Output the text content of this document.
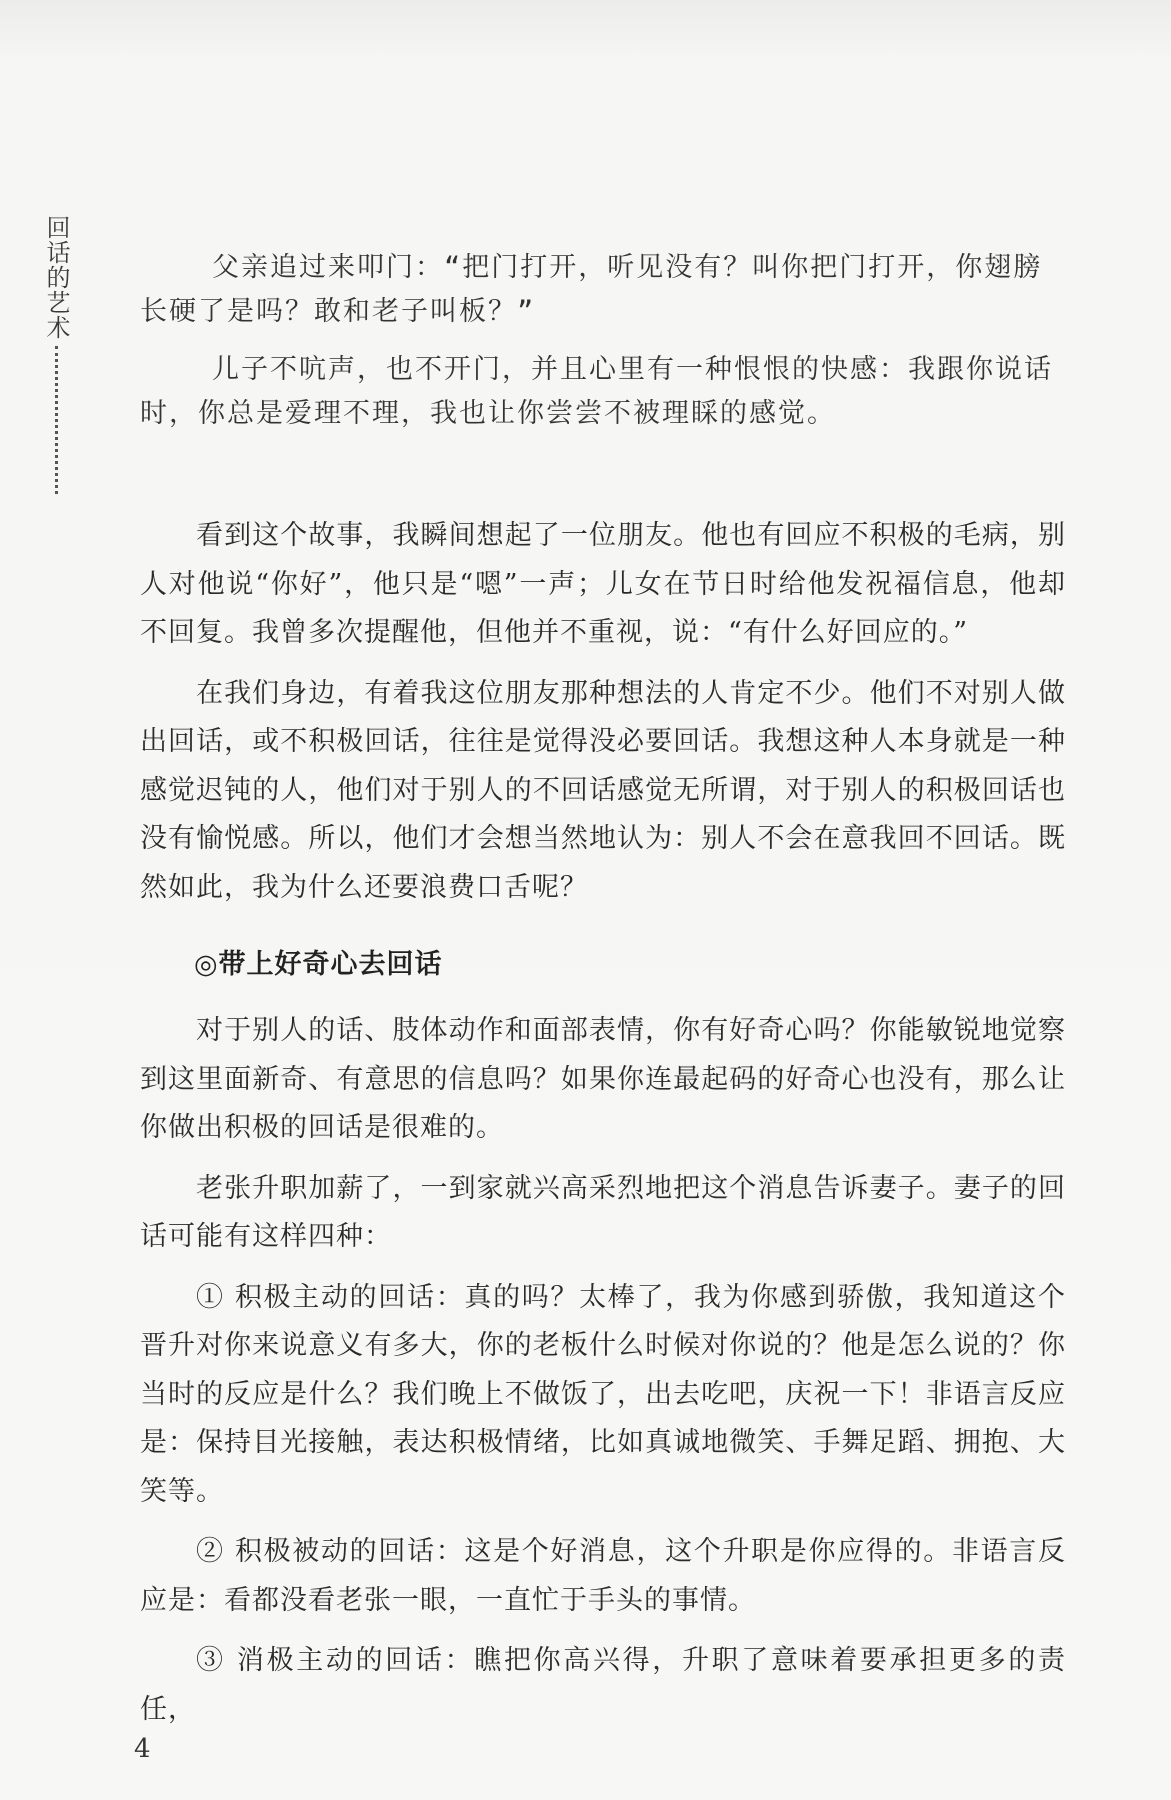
回话的艺术	父亲追过来叩门：“把门打开，听见没有？叫你把门打开，你翅膀长硬了是吗？敢和老子叫板？”

儿子不吭声，也不开门，并且心里有一种恨恨的快感：我跟你说话时，你总是爱理不理，我也让你尝尝不被理睬的感觉。

看到这个故事，我瞬间想起了一位朋友。他也有回应不积极的毛病，别人对他说“你好”，他只是“嗯”一声；儿女在节日时给他发祝福信息，他却不回复。我曾多次提醒他，但他并不重视，说：“有什么好回应的。”

在我们身边，有着我这位朋友那种想法的人肯定不少。他们不对别人做出回话，或不积极回话，往往是觉得没必要回话。我想这种人本身就是一种感觉迟钝的人，他们对于别人的不回话感觉无所谓，对于别人的积极回话也没有愉悦感。所以，他们才会想当然地认为：别人不会在意我回不回话。既然如此，我为什么还要浪费口舌呢？

◎带上好奇心去回话

对于别人的话、肢体动作和面部表情，你有好奇心吗？你能敏锐地觉察到这里面新奇、有意思的信息吗？如果你连最起码的好奇心也没有，那么让你做出积极的回话是很难的。

老张升职加薪了，一到家就兴高采烈地把这个消息告诉妻子。妻子的回话可能有这样四种：

① 积极主动的回话：真的吗？太棒了，我为你感到骄傲，我知道这个晋升对你来说意义有多大，你的老板什么时候对你说的？他是怎么说的？你当时的反应是什么？我们晚上不做饭了，出去吃吧，庆祝一下！非语言反应是：保持目光接触，表达积极情绪，比如真诚地微笑、手舞足蹈、拥抱、大笑等。

② 积极被动的回话：这是个好消息，这个升职是你应得的。非语言反应是：看都没看老张一眼，一直忙于手头的事情。

③ 消极主动的回话：瞧把你高兴得，升职了意味着要承担更多的责任，

4
